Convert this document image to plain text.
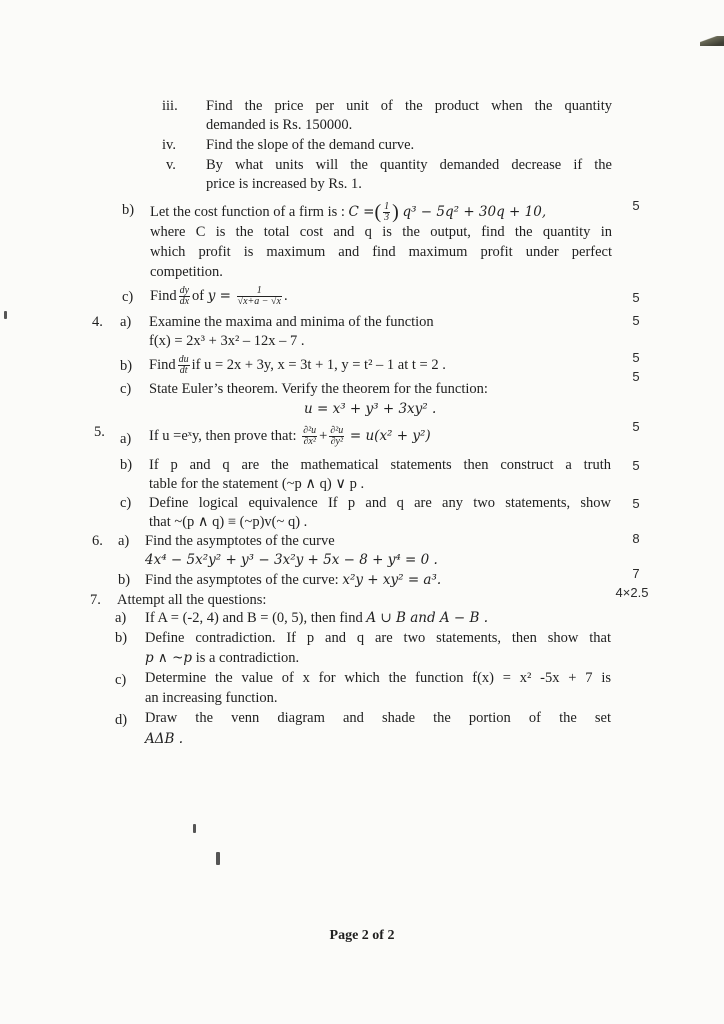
iii. Find the price per unit of the product when the quantity
demanded is Rs. 150000.
iv. Find the slope of the demand curve.
v. By what units will the quantity demanded decrease if the
price is increased by Rs. 1.
b) Let the cost function of a firm is : C =( $\frac{1}{3}$ ) q³ − 5q² + 30q + 10,	5
where C is the total cost and q is the output, find the quantity in
which profit is maximum and find maximum profit under perfect
competition.
c) Find $\frac{dy}{dx}$ of $y = \frac{1}{√x+a - √x}$ .	5
4. a) Examine the maxima and minima of the function	5
f(x) = 2x³ + 3x² – 12x – 7 .
b) Find $\frac{du}{dt}$ if u = 2x + 3y, x = 3t + 1, y = t² – 1 at t = 2 .	5
c) State Euler’s theorem. Verify the theorem for the function:
5
u = x³ + y³ + 3xy² .
5. a) If u =eˣy, then prove that: $\frac{\text{∂²u}}{\text{∂x²}} + \frac{\text{∂²u}}{\text{∂y²}} = u(x^2 + y^2)$
5
b) If p and q are the mathematical statements then construct a truth	5
table for the statement (~p ∧ q) ∨ p .
c) Define logical equivalence If p and q are any two statements, show	5
that ~(p ∧ q) ≡ (~p)v(~ q) .
6. a) Find the asymptotes of the curve	8
4x⁴ − 5x²y² + y³ − 3x²y + 5x − 8 + y⁴ = 0 .
b) Find the asymptotes of the curve: x²y + xy² = a³.	7
7. Attempt all the questions:	4×2.5
a) If A = (-2, 4) and B = (0, 5), then find A ∪ B and A − B .
b) Define contradiction. If p and q are two statements, then show that
p ∧ ~p is a contradiction.
c) Determine the value of x for which the function f(x) = x² -5x + 7 is
an increasing function.
d) Draw the venn diagram and shade the portion of the set
AΔB .
Page 2 of 2
